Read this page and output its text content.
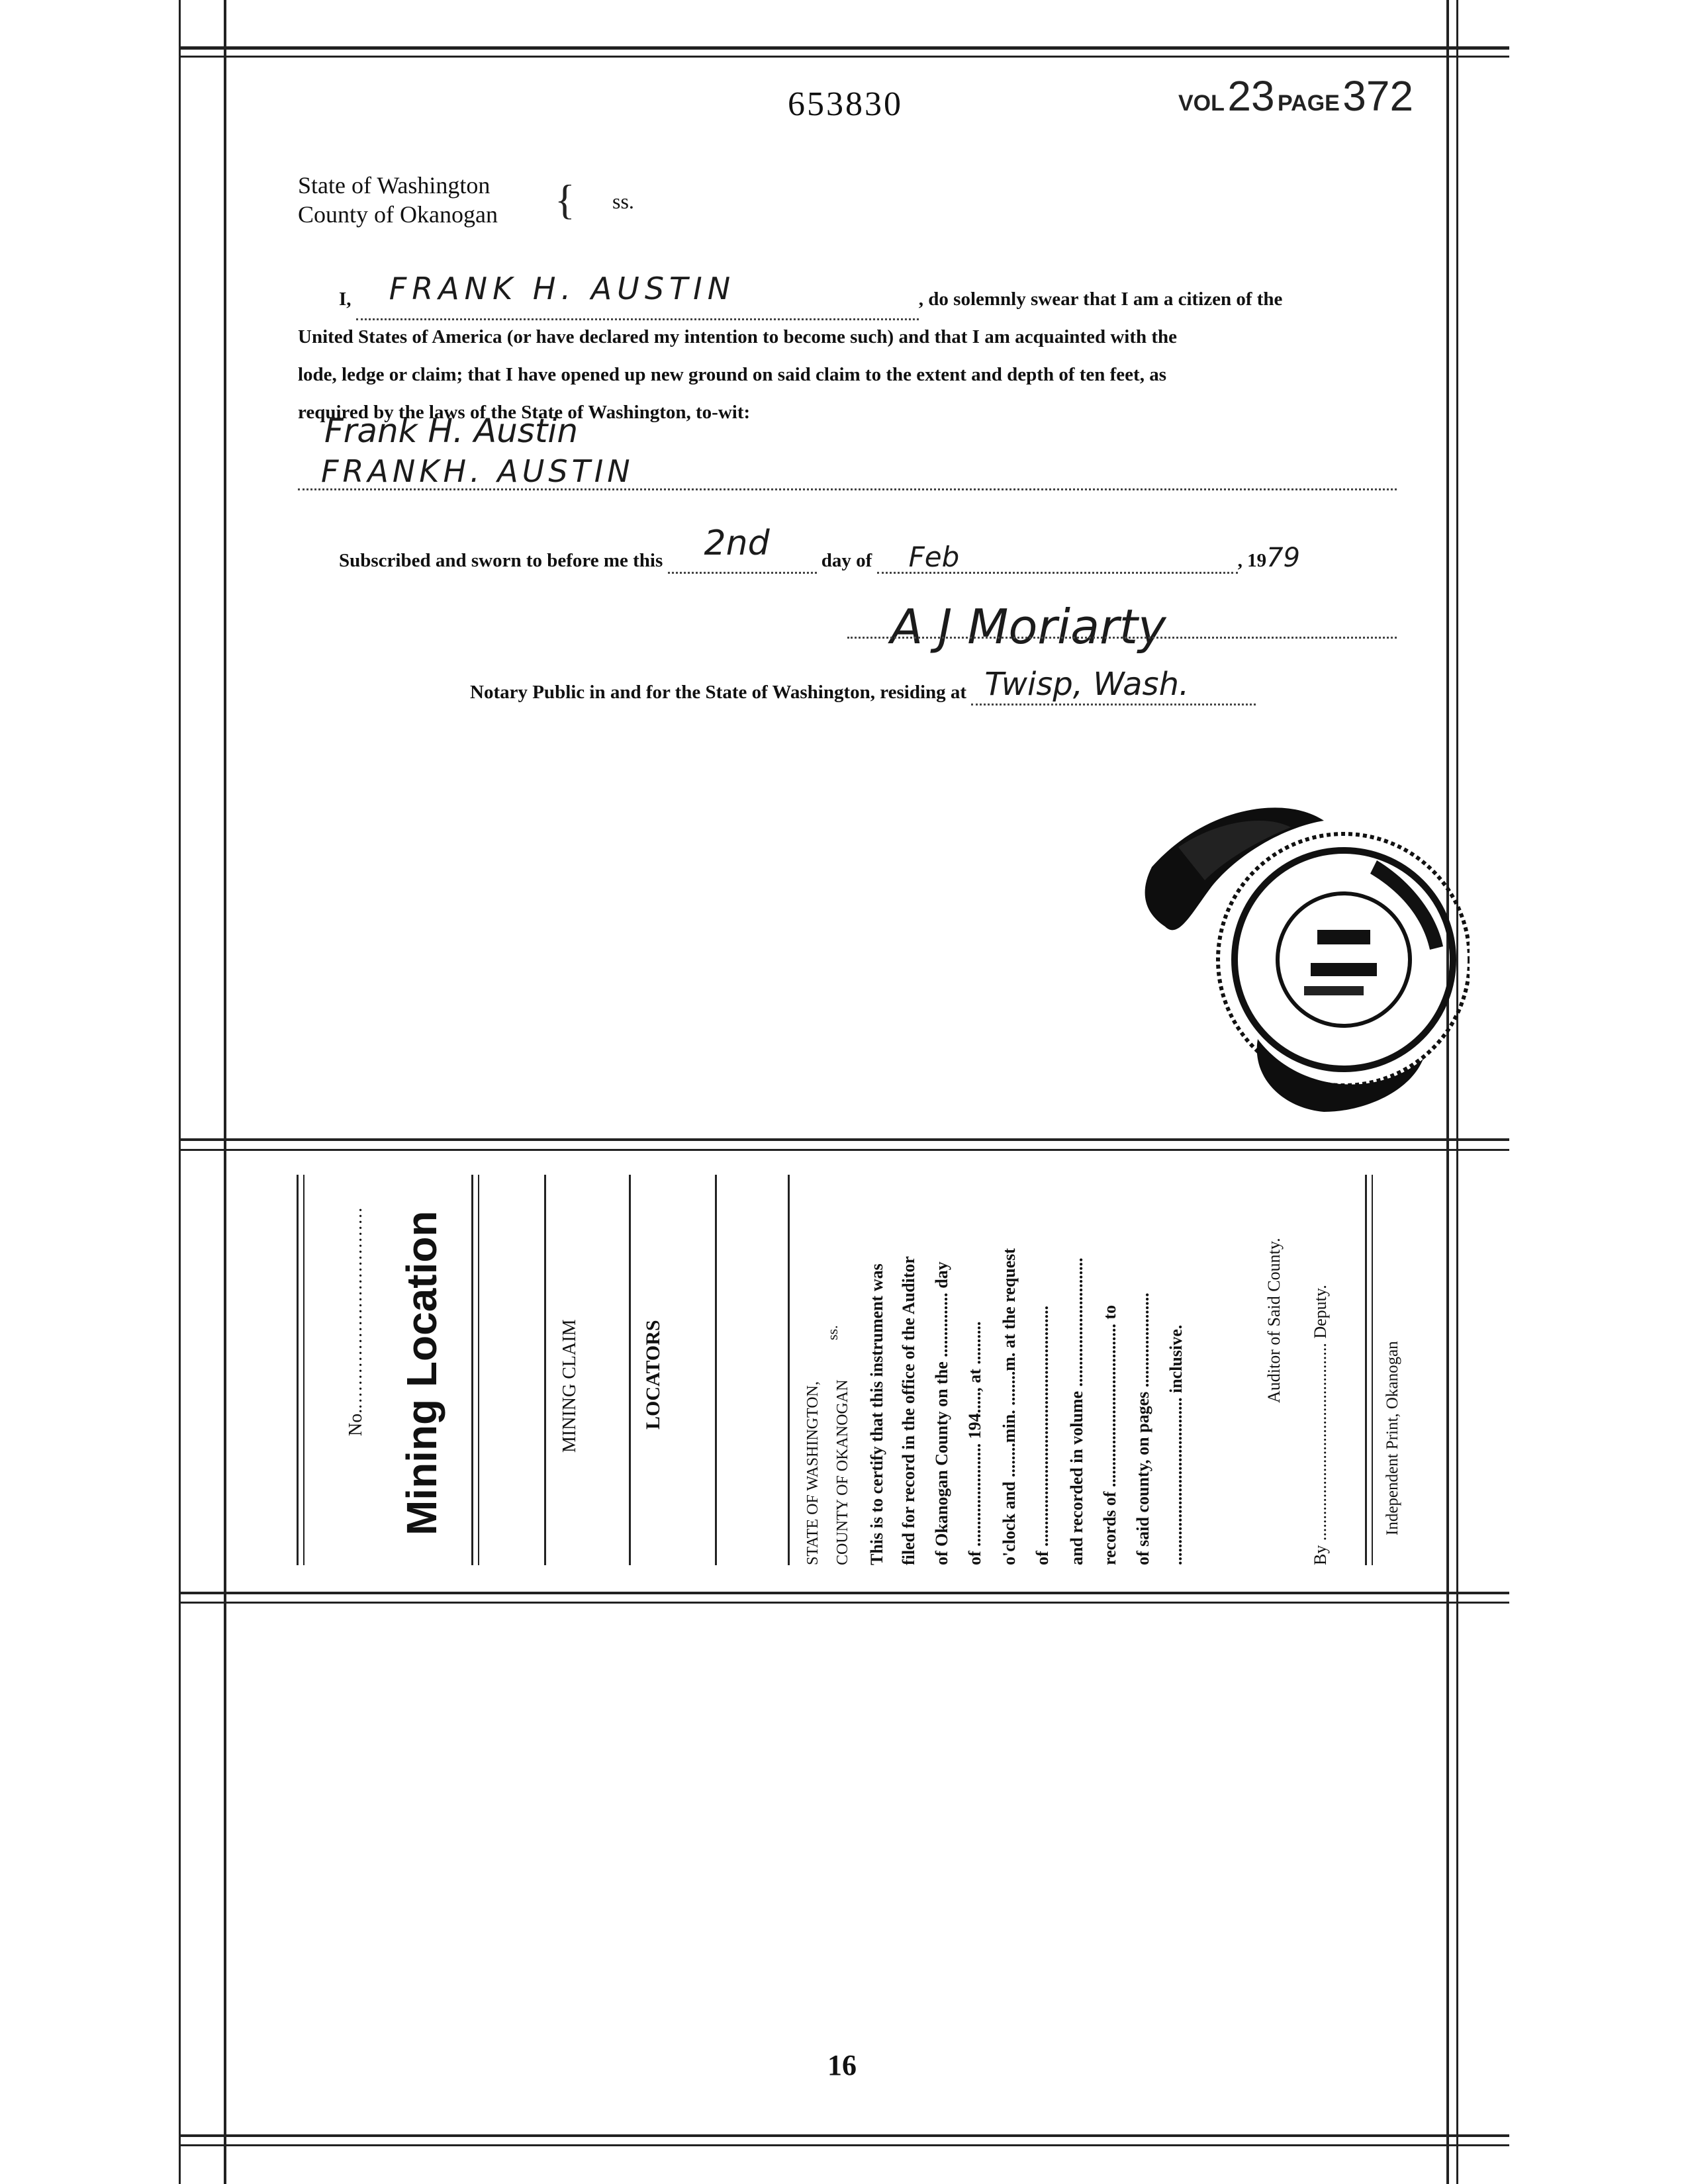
653830	VOL 23 PAGE 372
State of Washington
County of Okanogan { ss.
I, FRANK H. AUSTIN	, do solemnly swear that I am a citizen of the
United States of America (or have declared my intention to become such) and that I am acquainted with the
lode, ledge or claim; that I have opened up new ground on said claim to the extent and depth of ten feet, as
required by the laws of the State of Washington, to-wit:
Frank H. Austin
FRANKH. AUSTIN
Subscribed and sworn to before me this 2nd	day of Feb	, 1979
A J Moriarty
Notary Public in and for the State of Washington, residing at Twisp, Wash.

No................................... Mining Location	MINING CLAIM	LOCATORS
STATE OF WASHINGTON, COUNTY OF OKANOGAN
ss. This is to certify that this instrument was filed for record in the office of the Auditor of Okanogan County on the ............... day of ........................ 194....., at .......... o'clock and ........min. ........m. at the request of ........................................................ and recorded in volume .............................. records of ...................................... to of said county, on pages ...................... ....................................... inclusive.
Auditor of Said County.
By .............................................. Deputy.
Independent Print, Okanogan
16
